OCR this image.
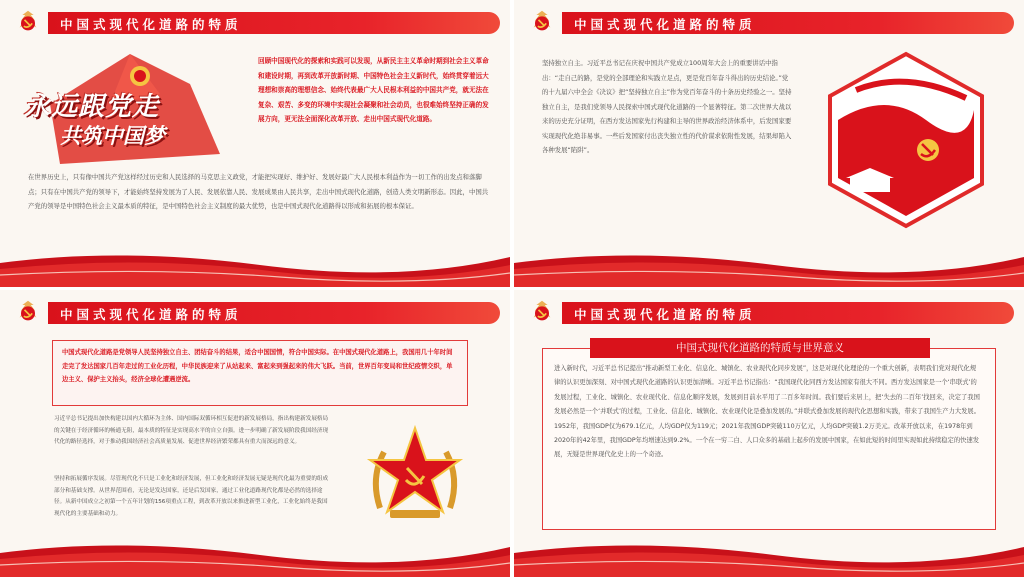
中国式现代化道路的特质
永远跟党走
共筑中国梦
回顾中国现代化的探索和实践可以发现，从新民主主义革命时期到社会主义革命和建设时期，再到改革开放新时期、中国特色社会主义新时代，始终贯穿着远大理想和崇高的理想信念、始终代表最广大人民根本利益的中国共产党，就无法在复杂、艰苦、多变的环境中实现社会凝聚和社会动员，也很难始终坚持正确的发展方向，更无法全面深化改革开放、走出中国式现代化道路。
在世界历史上，只有像中国共产党这样经过历史和人民选择的马克思主义政党，才能把实现好、维护好、发展好最广大人民根本利益作为一切工作的出发点和落脚点；只有在中国共产党的领导下，才能始终坚持发展为了人民、发展依靠人民、发展成果由人民共享，走出中国式现代化道路，创造人类文明新形态。因此，中国共产党的领导是中国特色社会主义最本质的特征，是中国特色社会主义制度的最大优势，也是中国式现代化道路得以形成和拓展的根本保证。
中国式现代化道路的特质
坚持独立自主。习近平总书记在庆祝中国共产党成立100周年大会上的重要讲话中指出：“走自己的路，是党的全部理论和实践立足点，更是党百年奋斗得出的历史结论。”党的十九届六中全会《决议》把“坚持独立自主”作为党百年奋斗的十条历史经验之一。坚持独立自主，是我们党领导人民探索中国式现代化道路的一个显著特征。第二次世界大战以来的历史充分证明，在西方发达国家先行构建和主导的世界政治经济体系中，后发国家要实现现代化绝非易事。一些后发国家付出丧失独立性的代价谋求依附性发展，结果却陷入各种发展“陷阱”。
中国式现代化道路的特质
中国式现代化道路是党领导人民坚持独立自主、团结奋斗的结果，适合中国国情，符合中国实际。在中国式现代化道路上，我国用几十年时间走完了发达国家几百年走过的工业化历程，中华民族迎来了从站起来、富起来到强起来的伟大飞跃。当前，世界百年变局和世纪疫情交织，单边主义、保护主义抬头，经济全球化遭遇逆流。
习近平总书记提出加快构建以国内大循环为主体、国内国际双循环相互促进的新发展格局，指出构建新发展格局的关键在于经济循环的畅通无阻，最本质的特征是实现高水平的自立自强。进一步明确了新发展阶段我国经济现代化的路径选择，对于推动我国经济社会高质量发展、促进世界经济繁荣都具有重大而深远的意义。
坚持和拓展循序发展。尽管现代化不只是工业化和经济发展，但工业化和经济发展无疑是现代化最为重要的组成部分和基础支撑。从世界范围看，无论是发达国家，还是后发国家，通过工业化道路现代化都是必然的选择途径。从新中国成立之初第一个五年计划的156项重点工程，到改革开放以来推进新型工业化，工业化始终是我国现代化的主要基础和动力。
中国式现代化道路的特质
中国式现代化道路的特质与世界意义
进入新时代，习近平总书记提出“推动新型工业化、信息化、城镇化、农业现代化同步发展”，这是对现代化理论的一个重大创新，表明我们党对现代化规律的认识更加深刻、对中国式现代化道路的认识更加清晰。习近平总书记指出：“我国现代化同西方发达国家有很大不同。西方发达国家是一个‘串联式’的发展过程，工业化、城镇化、农业现代化、信息化顺序发展，发展到目前水平用了二百多年时间。我们要后来居上，把‘失去的二百年’找回来，决定了我国发展必然是一个‘并联式’的过程，工业化、信息化、城镇化、农业现代化是叠加发展的。”并联式叠加发展的现代化思想和实践，带来了我国生产力大发展。1952年，我国GDP仅为679.1亿元，人均GDP仅为119元；2021年我国GDP突破110万亿元，人均GDP突破1.2万美元。改革开放以来，在1978年到2020年的42年里，我国GDP年均增速达到9.2%。一个在一穷二白、人口众多的基础上起步的发展中国家，在如此短的时间里实现如此持续稳定的快速发展，无疑是世界现代化史上的一个奇迹。
